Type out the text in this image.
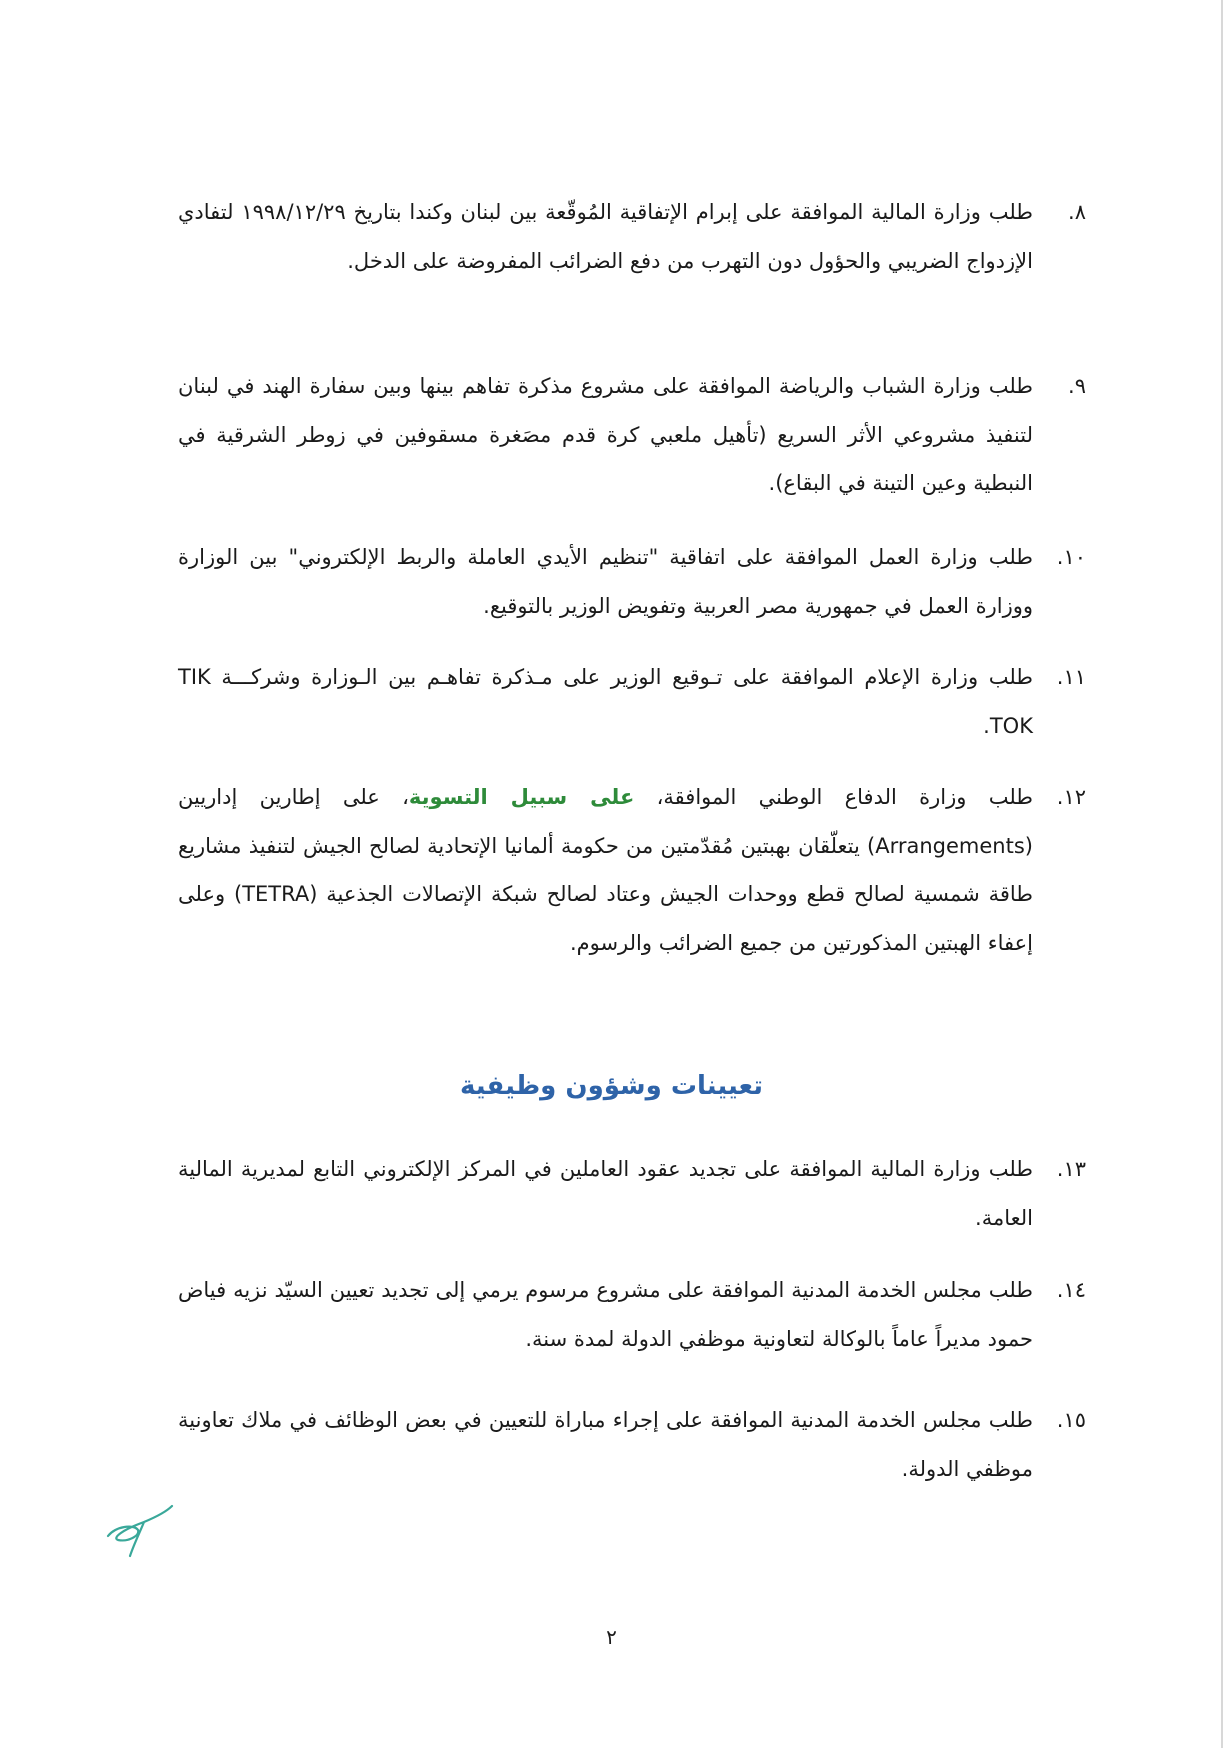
٨.
طلب وزارة المالية الموافقة على إبرام الإتفاقية المُوقّعة بين لبنان وكندا بتاريخ ١٩٩٨/١٢/٢٩ لتفادي الإزدواج الضريبي والحؤول دون التهرب من دفع الضرائب المفروضة على الدخل.
٩.
طلب وزارة الشباب والرياضة الموافقة على مشروع مذكرة تفاهم بينها وبين سفارة الهند في لبنان لتنفيذ مشروعي الأثر السريع (تأهيل ملعبي كرة قدم مصَغرة مسقوفين في زوطر الشرقية في النبطية وعين التينة في البقاع).
١٠.
طلب وزارة العمل الموافقة على اتفاقية "تنظيم الأيدي العاملة والربط الإلكتروني" بين الوزارة ووزارة العمل في جمهورية مصر العربية وتفويض الوزير بالتوقيع.
١١.
طلب وزارة الإعلام الموافقة على تـوقيع الوزير على مـذكرة تفاهـم بين الـوزارة وشركـــة TIK TOK.
١٢.
طلب وزارة الدفاع الوطني الموافقة، على سبيل التسوية، على إطارين إداريين (Arrangements) يتعلّقان بهبتين مُقدّمتين من حكومة ألمانيا الإتحادية لصالح الجيش لتنفيذ مشاريع طاقة شمسية لصالح قطع ووحدات الجيش وعتاد لصالح شبكة الإتصالات الجذعية (TETRA) وعلى إعفاء الهبتين المذكورتين من جميع الضرائب والرسوم.
تعيينات وشؤون وظيفية
١٣.
طلب وزارة المالية الموافقة على تجديد عقود العاملين في المركز الإلكتروني التابع لمديرية المالية العامة.
١٤.
طلب مجلس الخدمة المدنية الموافقة على مشروع مرسوم يرمي إلى تجديد تعيين السيّد نزيه فياض حمود مديراً عاماً بالوكالة لتعاونية موظفي الدولة لمدة سنة.
١٥.
طلب مجلس الخدمة المدنية الموافقة على إجراء مباراة للتعيين في بعض الوظائف في ملاك تعاونية موظفي الدولة.
٢
